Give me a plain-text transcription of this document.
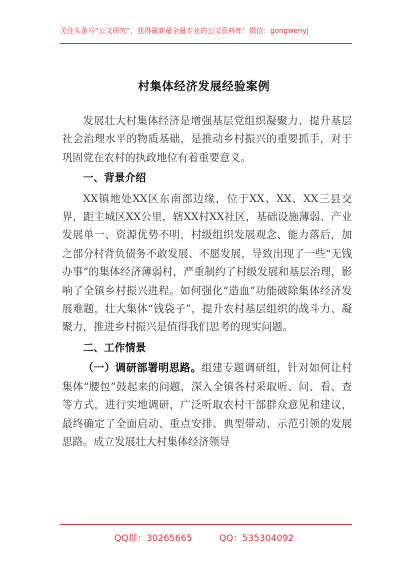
关注头条号“公文研究”，获得最新最全最专业的公文资料库！微信：gongwenyj
村集体经济发展经验案例

发展壮大村集体经济是增强基层党组织凝聚力、提升基层社会治理水平的物质基础，是推动乡村振兴的重要抓手，对于巩固党在农村的执政地位有着重要意义。

一、背景介绍

XX镇地处XX区东南部边缘，位于XX、XX、XX三县交界，距主城区XX公里，辖XX村XX社区，基础设施薄弱、产业发展单一、资源优势不明，村级组织发展观念、能力落后，加之部分村背负债务不敢发展、不愿发展，导致出现了一些“无钱办事”的集体经济薄弱村，严重制约了村级发展和基层治理，影响了全镇乡村振兴进程。如何强化“造血”功能破除集体经济发展难题，壮大集体“钱袋子”，提升农村基层组织的战斗力、凝聚力，推进乡村振兴是值得我们思考的现实问题。

二、工作情景

（一）调研部署明思路。组建专题调研组，针对如何让村集体“腰包”鼓起来的问题，深入全镇各村采取听、问、看、查等方式，进行实地调研，广泛听取农村干部群众意见和建议，最终确定了全面启动、重点安排、典型带动、示范引领的发展思路。成立发展壮大村集体经济领导

QQ群：30265665	QQ：535304092
